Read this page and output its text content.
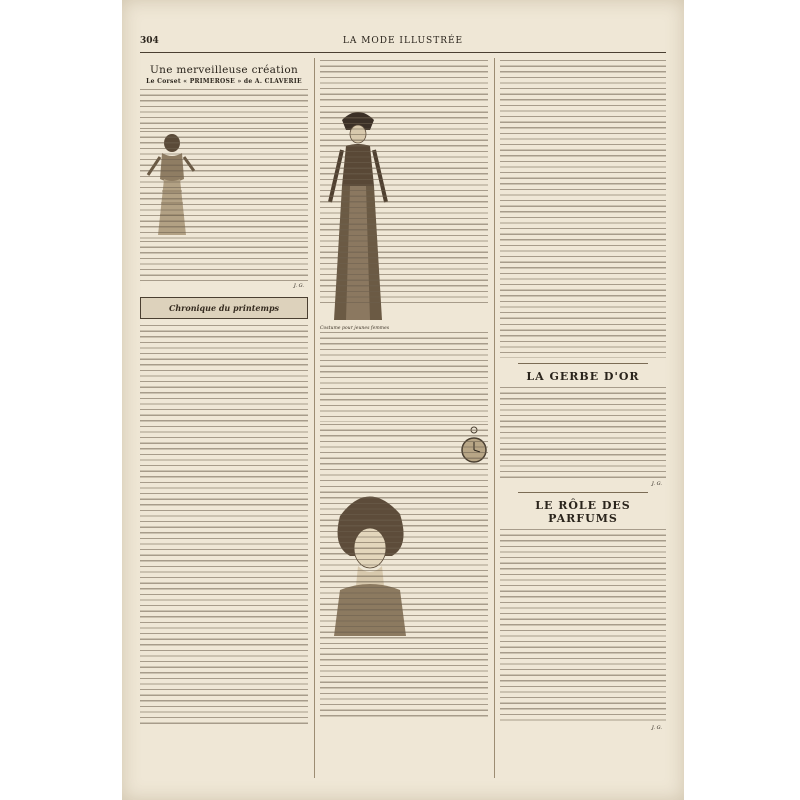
304	LA MODE ILLUSTRÉE
Une merveilleuse création
Le Corset « PRIMEROSE » de A. CLAVERIE
J. G.
Chronique du printemps
Costume pour jeunes femmes
LA GERBE D'OR
J. G.
LE RÔLE DES PARFUMS
J. G.
